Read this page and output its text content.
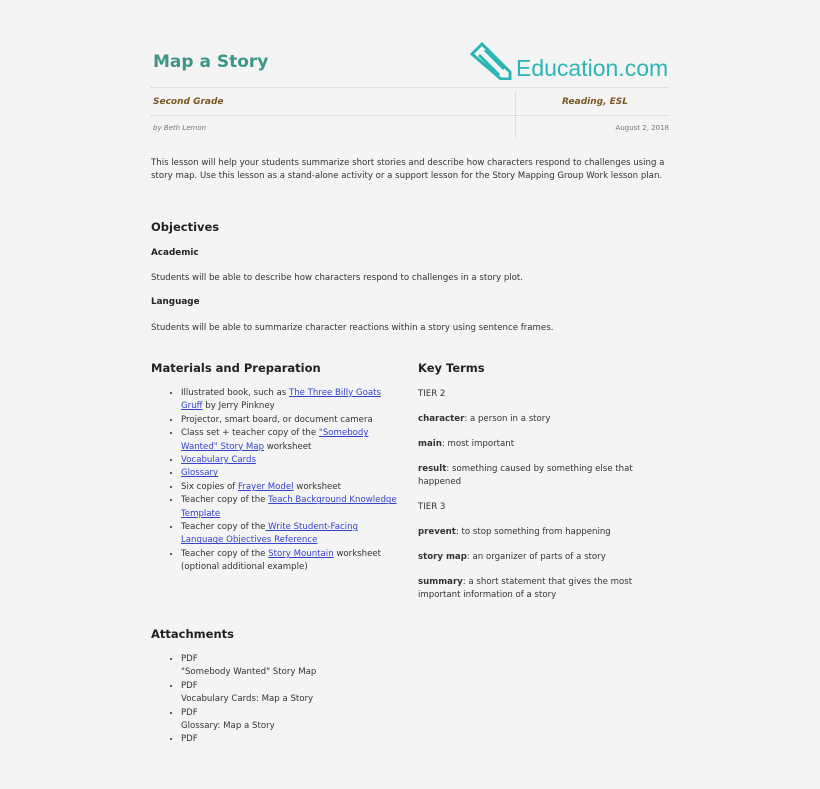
Map a Story	Education.com
Second Grade	Reading, ESL
by Beth Lemon	August 2, 2018
This lesson will help your students summarize short stories and describe how characters respond to challenges using a story map. Use this lesson as a stand-alone activity or a support lesson for the Story Mapping Group Work lesson plan.
Objectives
Academic
Students will be able to describe how characters respond to challenges in a story plot.
Language
Students will be able to summarize character reactions within a story using sentence frames.
Materials and Preparation
• Illustrated book, such as The Three Billy Goats Gruff by Jerry Pinkney
• Projector, smart board, or document camera
• Class set + teacher copy of the "Somebody Wanted" Story Map worksheet
• Vocabulary Cards
• Glossary
• Six copies of Frayer Model worksheet
• Teacher copy of the Teach Background Knowledge Template
• Teacher copy of the Write Student-Facing Language Objectives Reference
• Teacher copy of the Story Mountain worksheet (optional additional example)
Key Terms

TIER 2

character: a person in a story

main: most important

result: something caused by something else that happened

TIER 3

prevent: to stop something from happening

story map: an organizer of parts of a story

summary: a short statement that gives the most important information of a story

Attachments
• PDF
"Somebody Wanted" Story Map
• PDF
Vocabulary Cards: Map a Story
• PDF
Glossary: Map a Story
• PDF
